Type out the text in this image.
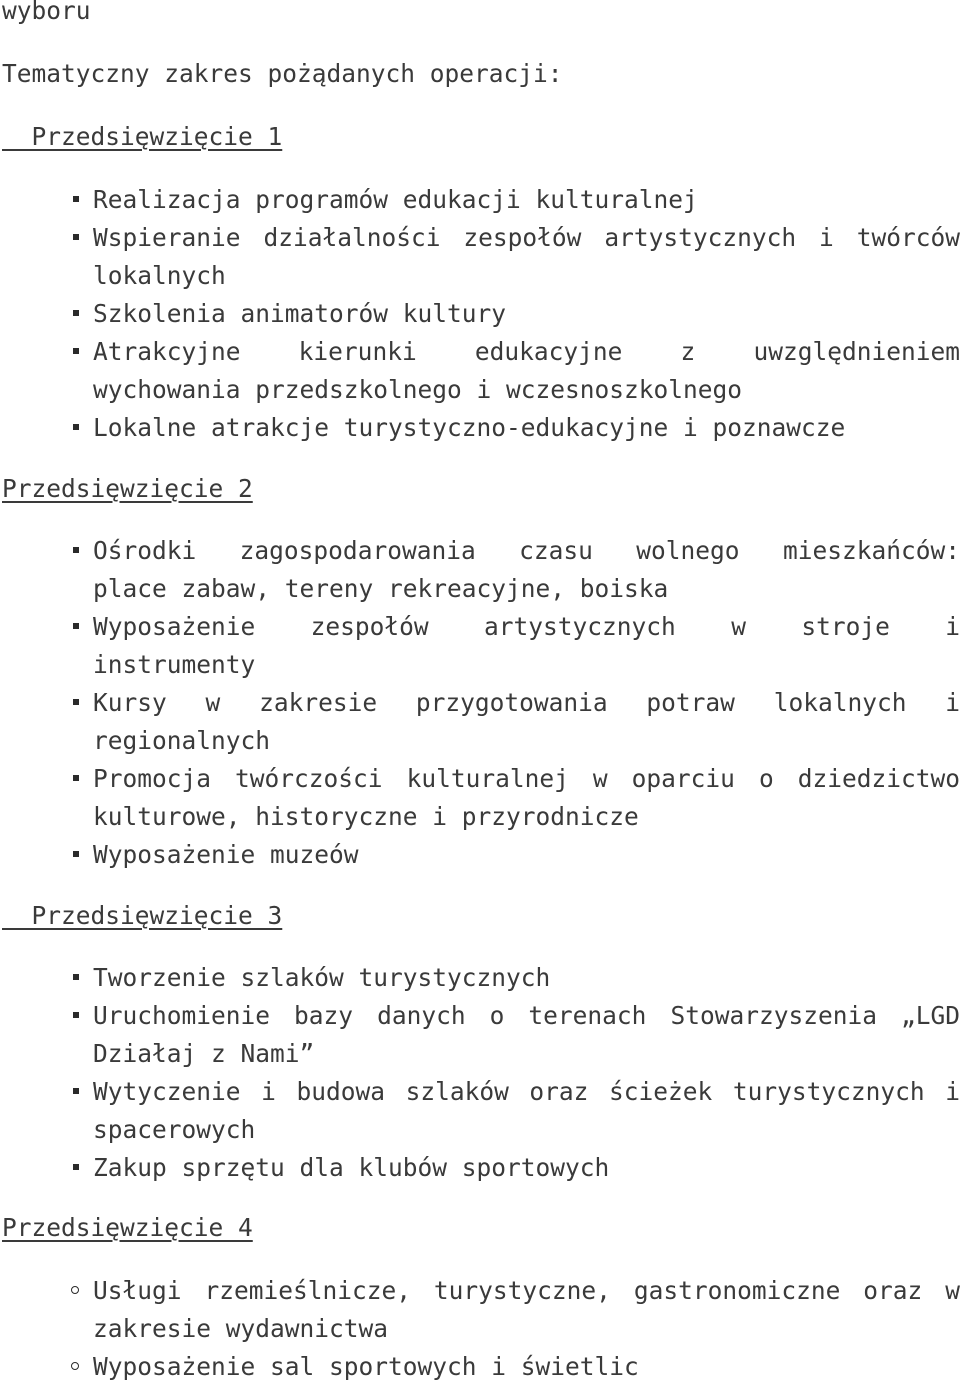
wyboru
Tematyczny zakres pożądanych operacji:
Przedsięwzięcie 1
Realizacja programów edukacji kulturalnej
Wspieranie działalności zespołów artystycznych i twórców
lokalnych
Szkolenia animatorów kultury
Atrakcyjne kierunki edukacyjne z uwzględnieniem
wychowania przedszkolnego i wczesnoszkolnego
Lokalne atrakcje turystyczno-edukacyjne i poznawcze
Przedsięwzięcie 2
Ośrodki zagospodarowania czasu wolnego mieszkańców:
place zabaw, tereny rekreacyjne, boiska
Wyposażenie zespołów artystycznych w stroje i
instrumenty
Kursy w zakresie przygotowania potraw lokalnych i
regionalnych
Promocja twórczości kulturalnej w oparciu o dziedzictwo
kulturowe, historyczne i przyrodnicze
Wyposażenie muzeów
Przedsięwzięcie 3
Tworzenie szlaków turystycznych
Uruchomienie bazy danych o terenach Stowarzyszenia „LGD
Działaj z Nami”
Wytyczenie i budowa szlaków oraz ścieżek turystycznych i
spacerowych
Zakup sprzętu dla klubów sportowych
Przedsięwzięcie 4
Usługi rzemieślnicze, turystyczne, gastronomiczne oraz w
zakresie wydawnictwa
Wyposażenie sal sportowych i świetlic
